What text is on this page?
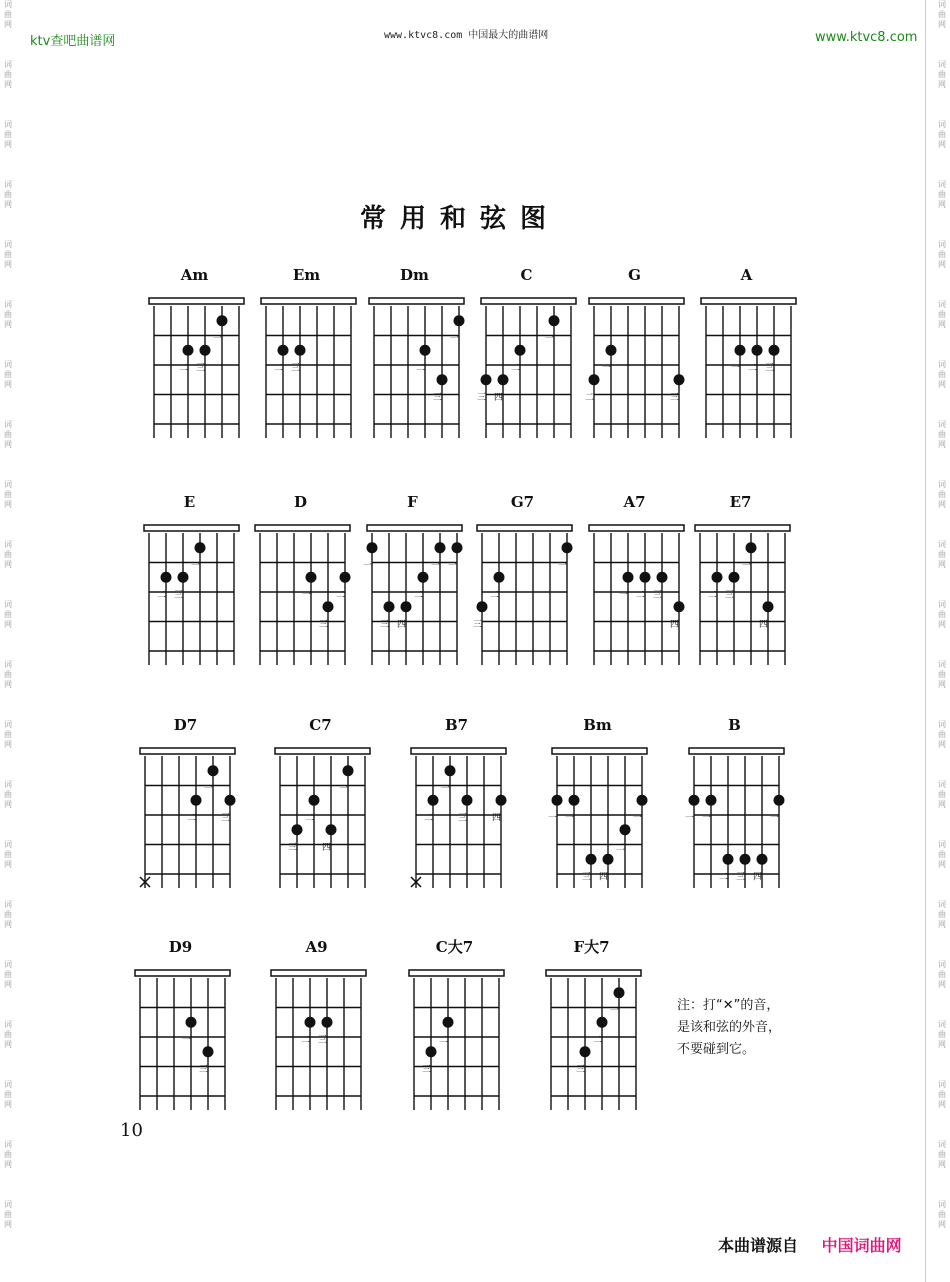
词
曲
网
词
曲
网
词
曲
网
词
曲
网
词
曲
网
词
曲
网
词
曲
网
词
曲
网
词
曲
网
词
曲
网
词
曲
网
词
曲
网
词
曲
网
词
曲
网
词
曲
网
词
曲
网
词
曲
网
词
曲
网
词
曲
网
词
曲
网
词
曲
网
词
曲
网
词
曲
网
词
曲
网
词
曲
网
词
曲
网
词
曲
网
词
曲
网
词
曲
网
词
曲
网
词
曲
网
词
曲
网
词
曲
网
词
曲
网
词
曲
网
词
曲
网
词
曲
网
词
曲
网
词
曲
网
词
曲
网
词
曲
网
词
曲
网
ktv查吧曲谱网	www.ktvc8.com 中国最大的曲谱网	www.ktvc8.com
常用和弦图
Am
一
二 三
Em
二 三
Dm
一
二
三
C
一
二
三 四
G
一
二	三
A
一 二 三
E
一
二 三
D
一	二
三
F
一	一 一
二
三 四
G7
一
二
三
A7
一 二 三
四
E7
一
二 三
四
D7
一
二	三
C7
一
二
三	四
B7
一
二	三	四
Bm
一 一	一
二
三 四
B
一 一	一
二 三 四
D9
一
三
A9
二 三
C大7
二
三
F大7
一
二
三
注：打“✕”的音，
是该和弦的外音，
不要碰到它。
10
本曲谱源自 中国词曲网
